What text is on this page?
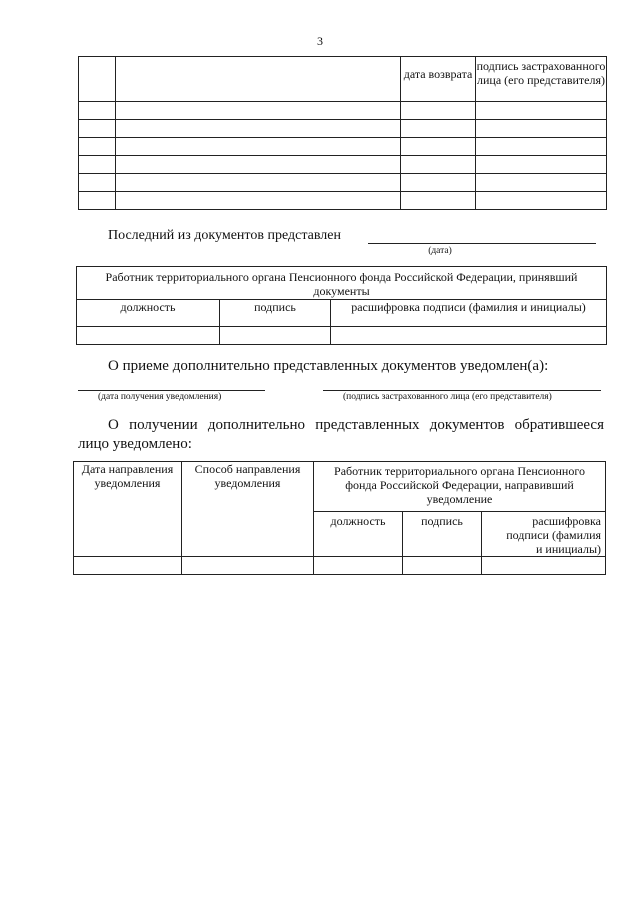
3

		дата возврата	подпись застрахованного лица (его представителя)

Последний из документов представлен
(дата)
Работник территориального органа Пенсионного фонда Российской Федерации, принявший документы		

должность	подпись	расшифровка подписи (фамилия и инициалы)

О приеме дополнительно представленных документов уведомлен(а):
(дата получения уведомления)	(подпись застрахованного лица (его представителя)
О получении дополнительно представленных документов обратившееся лицо уведомлено:
Дата направления уведомления	Способ направления уведомления	Работник территориального органа Пенсионного фонда Российской Федерации, направивший уведомление		

		должность	подпись	расшифровка подписи (фамилия и инициалы)
